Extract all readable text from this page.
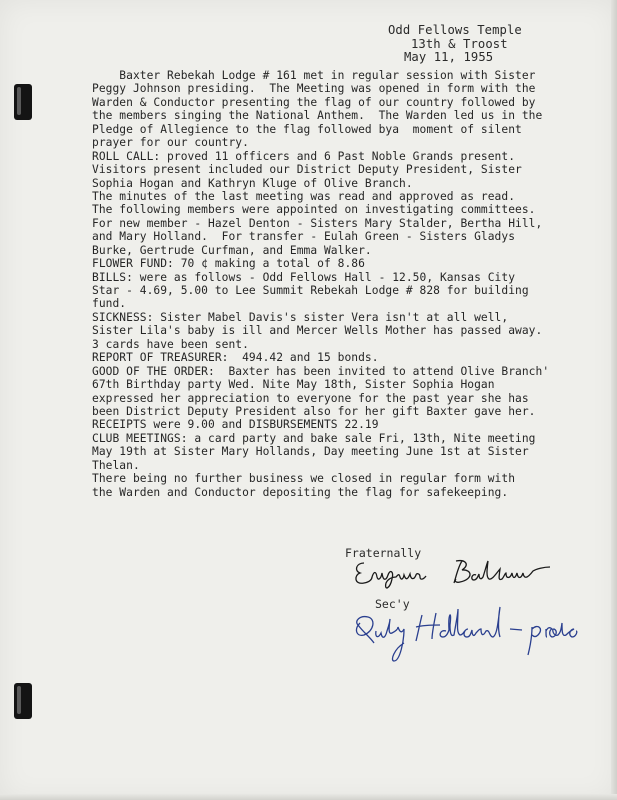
Odd Fellows Temple
13th & Troost
May 11, 1955
Baxter Rebekah Lodge # 161 met in regular session with Sister
Peggy Johnson presiding.  The Meeting was opened in form with the
Warden & Conductor presenting the flag of our country followed by
the members singing the National Anthem.  The Warden led us in the
Pledge of Allegience to the flag followed bya  moment of silent
prayer for our country.
ROLL CALL: proved 11 officers and 6 Past Noble Grands present.
Visitors present included our District Deputy President, Sister
Sophia Hogan and Kathryn Kluge of Olive Branch.
The minutes of the last meeting was read and approved as read.
The following members were appointed on investigating committees.
For new member - Hazel Denton - Sisters Mary Stalder, Bertha Hill,
and Mary Holland.  For transfer - Eulah Green - Sisters Gladys
Burke, Gertrude Curfman, and Emma Walker.
FLOWER FUND: 70 ¢ making a total of 8.86
BILLS: were as follows - Odd Fellows Hall - 12.50, Kansas City
Star - 4.69, 5.00 to Lee Summit Rebekah Lodge # 828 for building
fund.
SICKNESS: Sister Mabel Davis's sister Vera isn't at all well,
Sister Lila's baby is ill and Mercer Wells Mother has passed away.
3 cards have been sent.
REPORT OF TREASURER:  494.42 and 15 bonds.
GOOD OF THE ORDER:  Baxter has been invited to attend Olive Branch'
67th Birthday party Wed. Nite May 18th, Sister Sophia Hogan
expressed her appreciation to everyone for the past year she has
been District Deputy President also for her gift Baxter gave her.
RECEIPTS were 9.00 and DISBURSEMENTS 22.19
CLUB MEETINGS: a card party and bake sale Fri, 13th, Nite meeting
May 19th at Sister Mary Hollands, Day meeting June 1st at Sister
Thelan.
There being no further business we closed in regular form with
the Warden and Conductor depositing the flag for safekeeping.
Fraternally
Sec'y
